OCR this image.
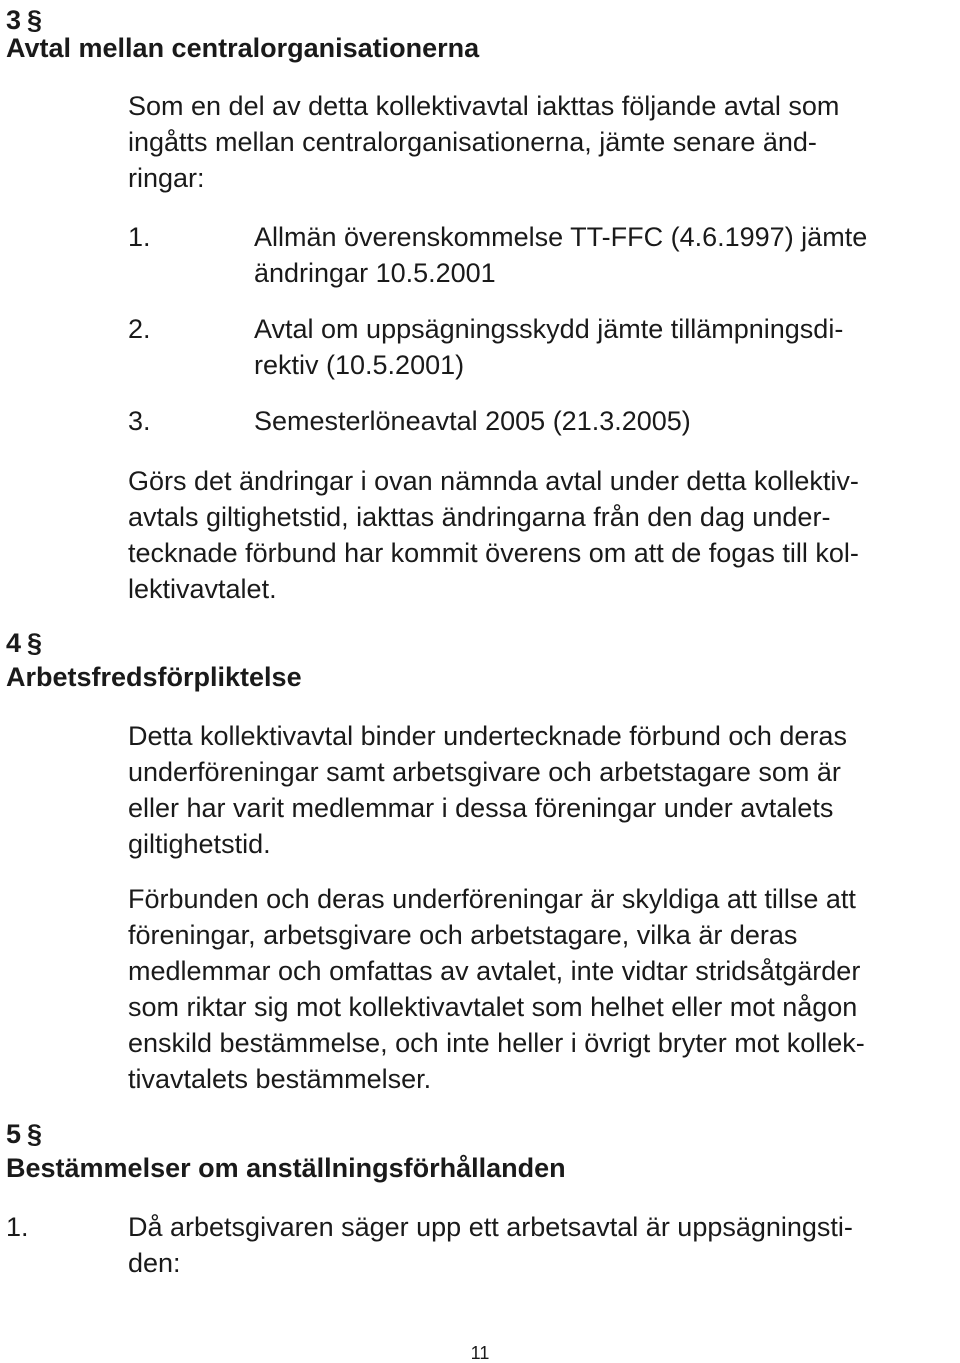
3 §
Avtal mellan centralorganisationerna
Som en del av detta kollektivavtal iakttas följande avtal som
ingåtts mellan centralorganisationerna, jämte senare änd-
ringar:
1.	Allmän överenskommelse TT-FFC (4.6.1997) jämte
ändringar 10.5.2001
2.	Avtal om uppsägningsskydd jämte tillämpningsdi-
rektiv (10.5.2001)
3.	Semesterlöneavtal 2005 (21.3.2005)
Görs det ändringar i ovan nämnda avtal under detta kollektiv-
avtals giltighetstid, iakttas ändringarna från den dag under-
tecknade förbund har kommit överens om att de fogas till kol-
lektivavtalet.
4 §
Arbetsfredsförpliktelse
Detta kollektivavtal binder undertecknade förbund och deras
underföreningar samt arbetsgivare och arbetstagare som är
eller har varit medlemmar i dessa föreningar under avtalets
giltighetstid.
Förbunden och deras underföreningar är skyldiga att tillse att
föreningar, arbetsgivare och arbetstagare, vilka är deras
medlemmar och omfattas av avtalet, inte vidtar stridsåtgärder
som riktar sig mot kollektivavtalet som helhet eller mot någon
enskild bestämmelse, och inte heller i övrigt bryter mot kollek-
tivavtalets bestämmelser.
5 §
Bestämmelser om anställningsförhållanden
1.	Då arbetsgivaren säger upp ett arbetsavtal är uppsägningsti-
den:
11
